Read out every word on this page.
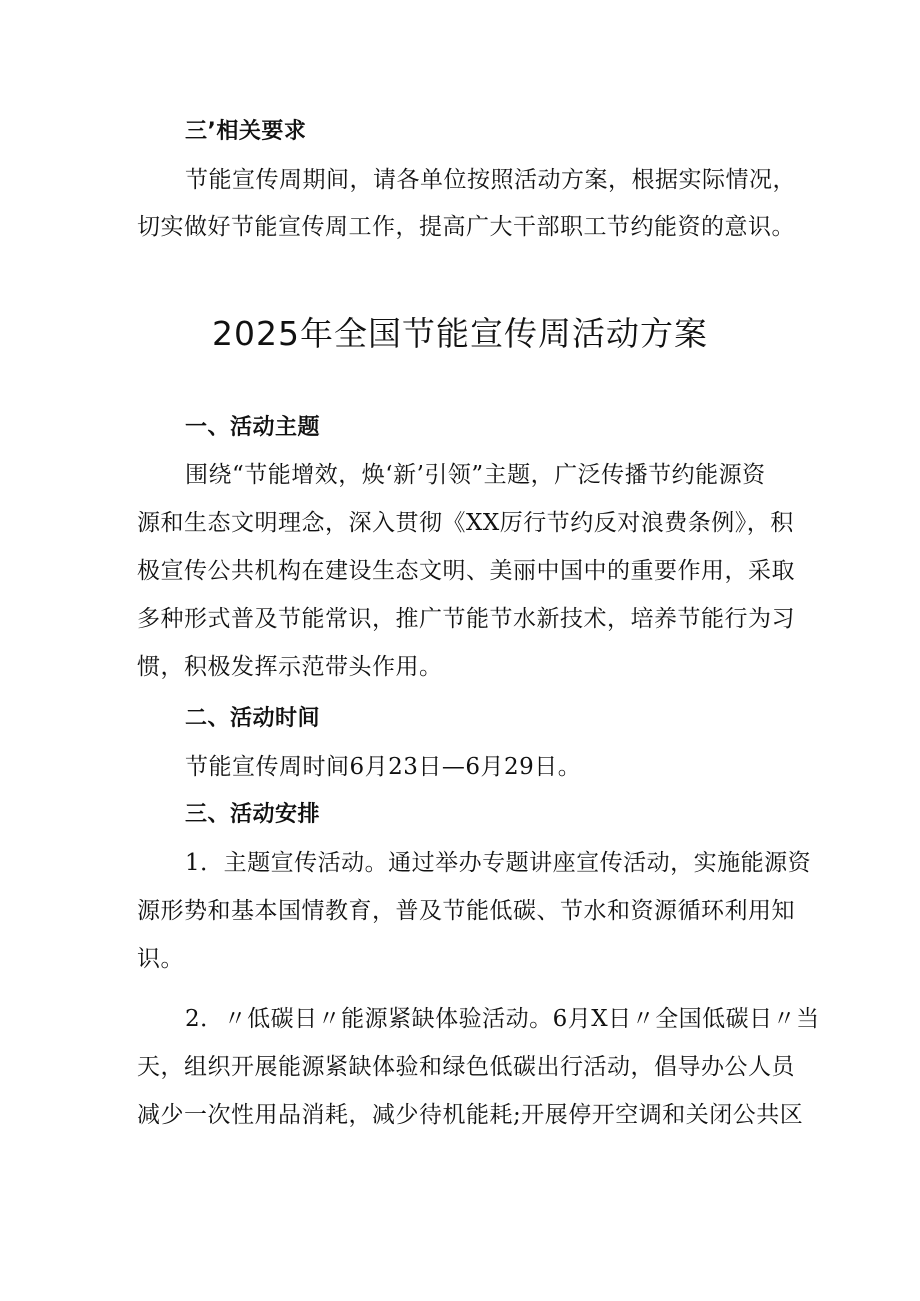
三’相关要求
节能宣传周期间，请各单位按照活动方案，根据实际情况，
切实做好节能宣传周工作，提高广大干部职工节约能资的意识。
2025年全国节能宣传周活动方案
一、活动主题
围绕“节能增效，焕‘新’引领”主题，广泛传播节约能源资
源和生态文明理念，深入贯彻《XX厉行节约反对浪费条例》，积
极宣传公共机构在建设生态文明、美丽中国中的重要作用，采取
多种形式普及节能常识，推广节能节水新技术，培养节能行为习
惯，积极发挥示范带头作用。
二、活动时间
节能宣传周时间6月23日—6月29日。
三、活动安排
1．主题宣传活动。通过举办专题讲座宣传活动，实施能源资
源形势和基本国情教育，普及节能低碳、节水和资源循环利用知
识。
2．〃低碳日〃能源紧缺体验活动。6月X日〃全国低碳日〃当
天，组织开展能源紧缺体验和绿色低碳出行活动，倡导办公人员
减少一次性用品消耗，减少待机能耗;开展停开空调和关闭公共区
